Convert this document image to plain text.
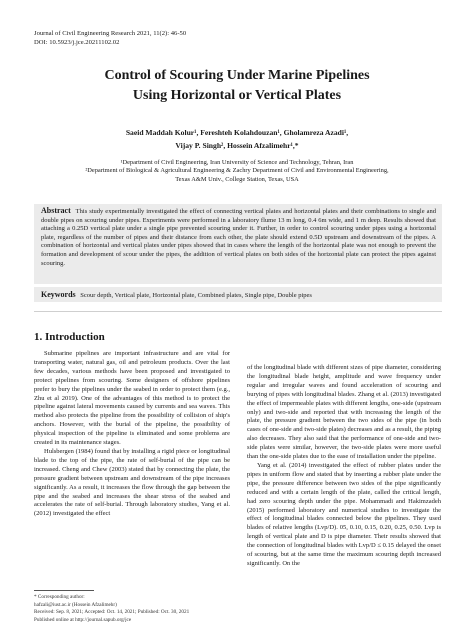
Journal of Civil Engineering Research 2021, 11(2): 46-50
DOI: 10.5923/j.jce.20211102.02
Control of Scouring Under Marine Pipelines
Using Horizontal or Vertical Plates
Saeid Maddah Kolur¹, Fereshteh Kolahdouzan¹, Gholamreza Azadi¹,
Vijay P. Singh², Hossein Afzalimehr¹,*
¹Department of Civil Engineering, Iran University of Science and Technology, Tehran, Iran
²Department of Biological & Agricultural Engineering & Zachry Department of Civil and Environmental Engineering,
Texas A&M Univ., College Station, Texas, USA
Abstract This study experimentally investigated the effect of connecting vertical plates and horizontal plates and their combinations to single and double pipes on scouring under pipes. Experiments were performed in a laboratory flume 13 m long, 0.4 6m wide, and 1 m deep. Results showed that attaching a 0.25D vertical plate under a single pipe prevented scouring under it. Further, in order to control scouring under pipes using a horizontal plate, regardless of the number of pipes and their distance from each other, the plate should extend 0.5D upstream and downstream of the pipes. A combination of horizontal and vertical plates under pipes showed that in cases where the length of the horizontal plate was not enough to prevent the formation and development of scour under the pipes, the addition of vertical plates on both sides of the horizontal plate can protect the pipes against scouring.
Keywords Scour depth, Vertical plate, Horizontal plate, Combined plates, Single pipe, Double pipes
1. Introduction

Submarine pipelines are important infrastructure and are vital for transporting water, natural gas, oil and petroleum products. Over the last few decades, various methods have been proposed and investigated to protect pipelines from scouring. Some designers of offshore pipelines prefer to bury the pipelines under the seabed in order to protect them (e.g., Zhu et al 2019). One of the advantages of this method is to protect the pipeline against lateral movements caused by currents and sea waves. This method also protects the pipeline from the possibility of collision of ship's anchors. However, with the burial of the pipeline, the possibility of physical inspection of the pipeline is eliminated and some problems are created in its maintenance stages.

Hulsbergen (1984) found that by installing a rigid piece or longitudinal blade to the top of the pipe, the rate of self-burial of the pipe can be increased. Cheng and Chew (2003) stated that by connecting the plate, the pressure gradient between upstream and downstream of the pipe increases significantly. As a result, it increases the flow through the gap between the pipe and the seabed and increases the shear stress of the seabed and accelerates the rate of self-burial. Through laboratory studies, Yang et al. (2012) investigated the effect

of the longitudinal blade with different sizes of pipe diameter, considering the longitudinal blade height, amplitude and wave frequency under regular and irregular waves and found acceleration of scouring and burying of pipes with longitudinal blades. Zhang et al. (2013) investigated the effect of impermeable plates with different lengths, one-side (upstream only) and two-side and reported that with increasing the length of the plate, the pressure gradient between the two sides of the pipe (in both cases of one-side and two-side plates) decreases and as a result, the piping also decreases. They also said that the performance of one-side and two-side plates were similar, however, the two-side plates were more useful than the one-side plates due to the ease of installation under the pipeline.

Yang et al. (2014) investigated the effect of rubber plates under the pipes in uniform flow and stated that by inserting a rubber plate under the pipe, the pressure difference between two sides of the pipe significantly reduced and with a certain length of the plate, called the critical length, had zero scouring depth under the pipe. Mohammadi and Hakimzadeh (2015) performed laboratory and numerical studies to investigate the effect of longitudinal blades connected below the pipelines. They used blades of relative lengths (Lvp/D). 05, 0.10, 0.15, 0.20, 0.25, 0.50. Lvp is length of vertical plate and D is pipe diameter. Their results showed that the connection of longitudinal blades with Lvp/D ≤ 0.15 delayed the onset of scouring, but at the same time the maximum scouring depth increased significantly. On the

* Corresponding author:
hafzali@iust.ac.ir (Hossein Afzalimehr)
Received: Sep. 8, 2021; Accepted: Oct. 14, 2021; Published: Oct. 30, 2021
Published online at http://journal.sapub.org/jce
